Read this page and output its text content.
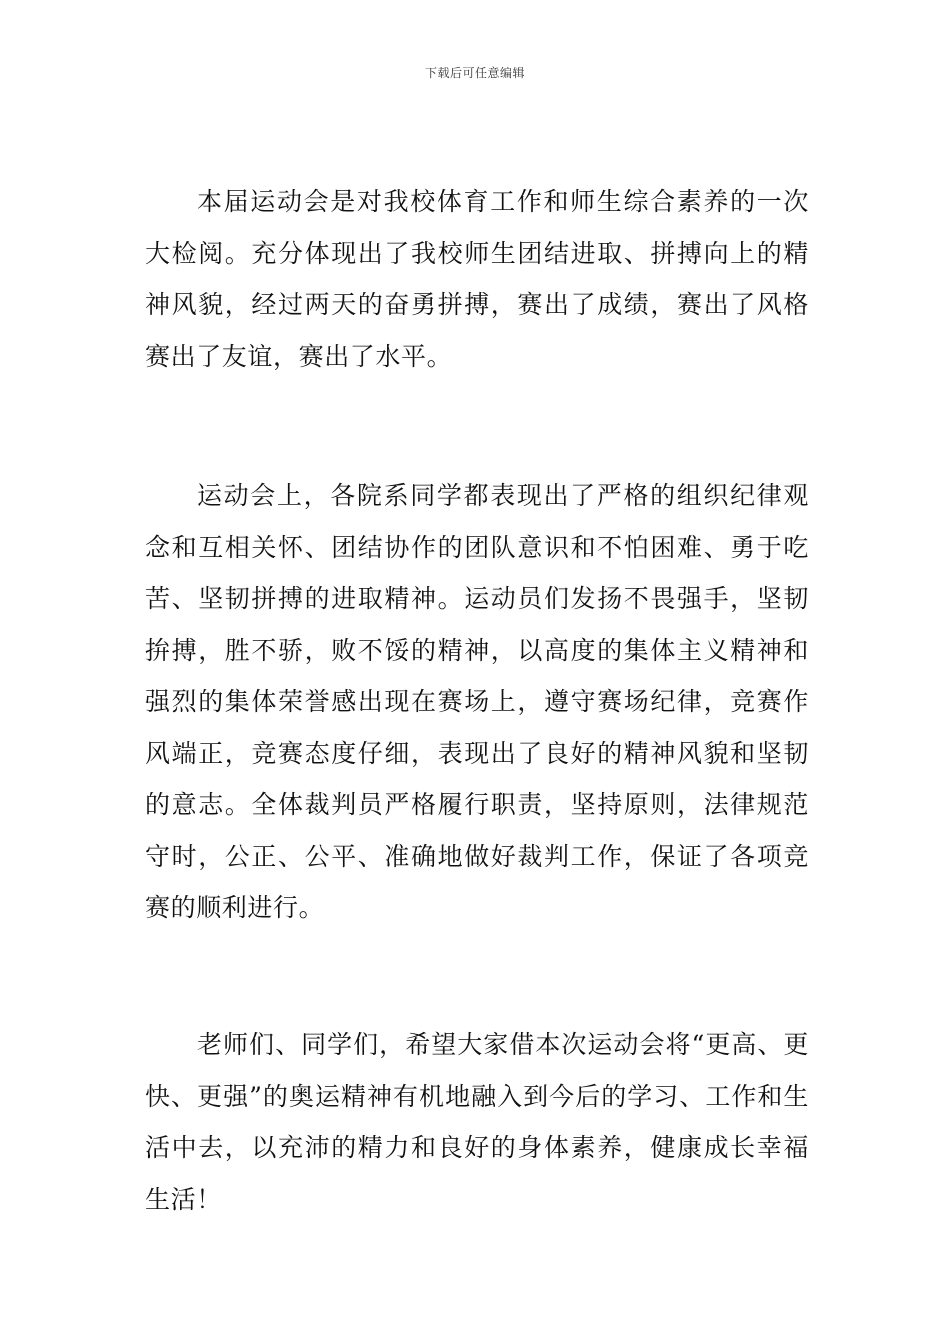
下载后可任意编辑

本届运动会是对我校体育工作和师生综合素养的一次大检阅。充分体现出了我校师生团结进取、拼搏向上的精神风貌，经过两天的奋勇拼搏，赛出了成绩，赛出了风格赛出了友谊，赛出了水平。

运动会上，各院系同学都表现出了严格的组织纪律观念和互相关怀、团结协作的团队意识和不怕困难、勇于吃苦、坚韧拼搏的进取精神。运动员们发扬不畏强手，坚韧拚搏，胜不骄，败不馁的精神，以高度的集体主义精神和强烈的集体荣誉感出现在赛场上，遵守赛场纪律，竞赛作风端正，竞赛态度仔细，表现出了良好的精神风貌和坚韧的意志。全体裁判员严格履行职责，坚持原则，法律规范守时，公正、公平、准确地做好裁判工作，保证了各项竞赛的顺利进行。

老师们、同学们，希望大家借本次运动会将“更高、更快、更强”的奥运精神有机地融入到今后的学习、工作和生活中去，以充沛的精力和良好的身体素养，健康成长幸福生活！
